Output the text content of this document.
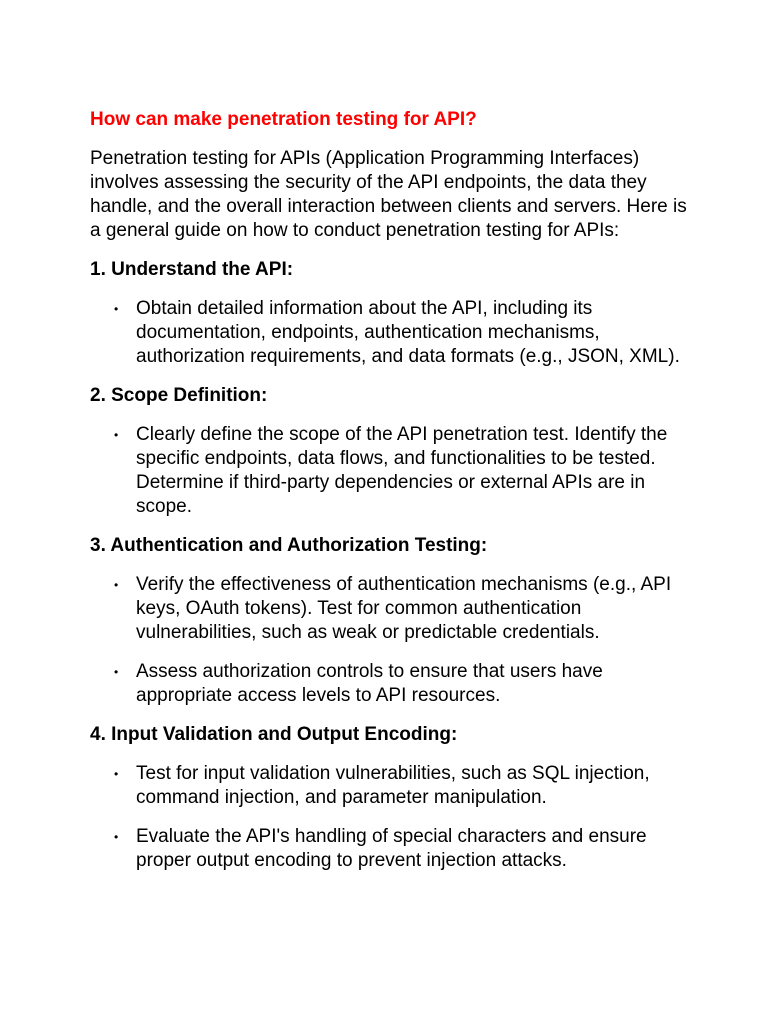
How can make penetration testing for API?
Penetration testing for APIs (Application Programming Interfaces) involves assessing the security of the API endpoints, the data they handle, and the overall interaction between clients and servers. Here is a general guide on how to conduct penetration testing for APIs:
1. Understand the API:
• Obtain detailed information about the API, including its documentation, endpoints, authentication mechanisms, authorization requirements, and data formats (e.g., JSON, XML).
2. Scope Definition:
• Clearly define the scope of the API penetration test. Identify the specific endpoints, data flows, and functionalities to be tested. Determine if third-party dependencies or external APIs are in scope.
3. Authentication and Authorization Testing:
• Verify the effectiveness of authentication mechanisms (e.g., API keys, OAuth tokens). Test for common authentication vulnerabilities, such as weak or predictable credentials.
• Assess authorization controls to ensure that users have appropriate access levels to API resources.
4. Input Validation and Output Encoding:
• Test for input validation vulnerabilities, such as SQL injection, command injection, and parameter manipulation.
• Evaluate the API's handling of special characters and ensure proper output encoding to prevent injection attacks.
